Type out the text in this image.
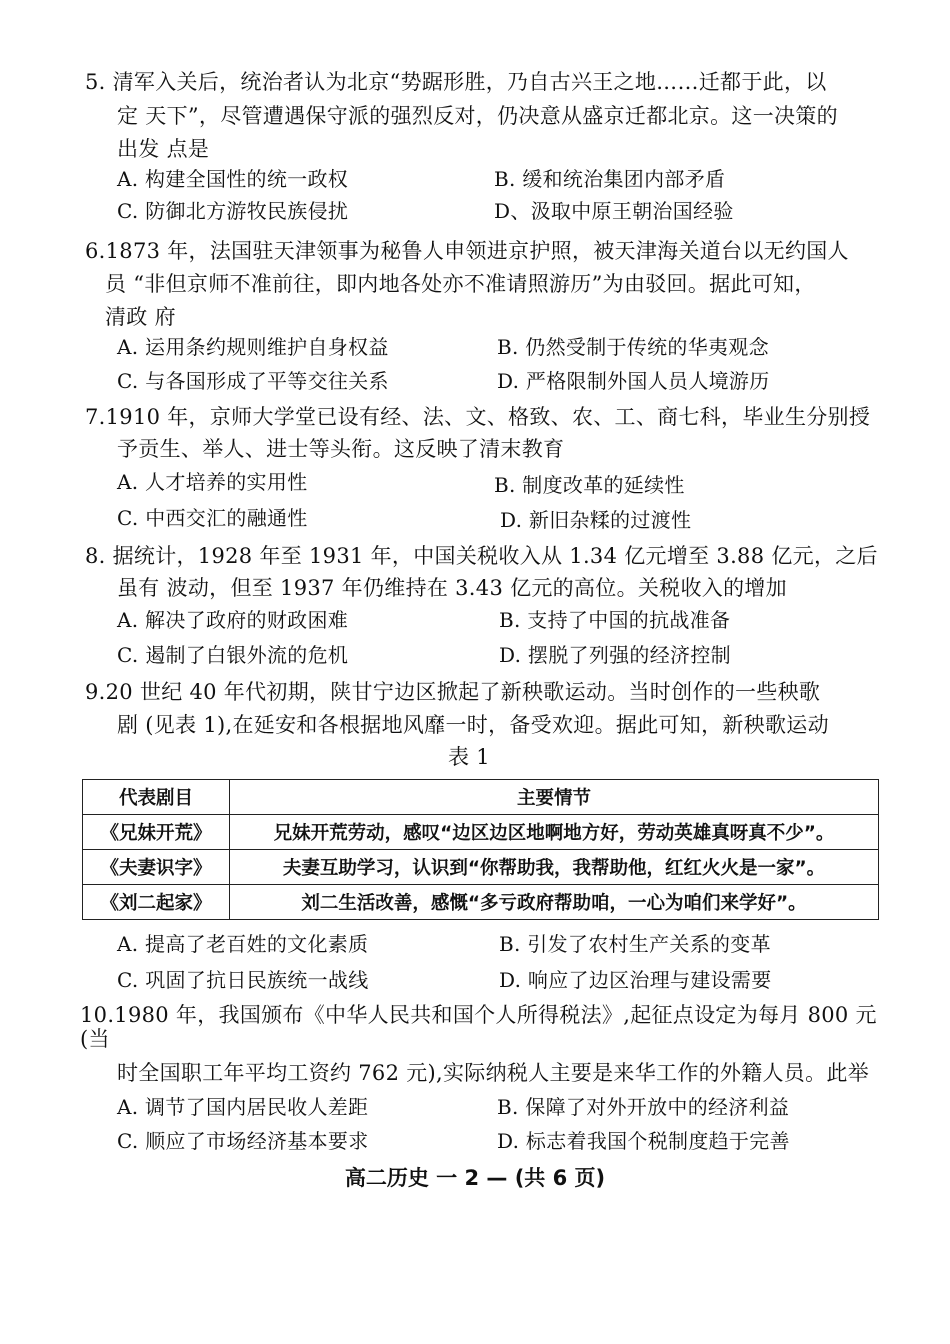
5. 清军入关后，统治者认为北京“势踞形胜，乃自古兴王之地……迁都于此，以
定 天下”，尽管遭遇保守派的强烈反对，仍决意从盛京迁都北京。这一决策的
出发 点是
A. 构建全国性的统一政权	B. 缓和统治集团内部矛盾
C. 防御北方游牧民族侵扰	D、汲取中原王朝治国经验
6.1873 年，法国驻天津领事为秘鲁人申领进京护照，被天津海关道台以无约国人
员 “非但京师不准前往，即内地各处亦不准请照游历”为由驳回。据此可知，
清政 府
A. 运用条约规则维护自身权益	B. 仍然受制于传统的华夷观念
C. 与各国形成了平等交往关系	D. 严格限制外国人员人境游历
7.1910 年，京师大学堂已设有经、法、文、格致、农、工、商七科，毕业生分别授
予贡生、举人、进士等头衔。这反映了清末教育
A. 人才培养的实用性	B. 制度改革的延续性
C. 中西交汇的融通性	D. 新旧杂糅的过渡性
8. 据统计，1928 年至 1931 年，中国关税收入从 1.34 亿元增至 3.88 亿元，之后
虽有 波动，但至 1937 年仍维持在 3.43 亿元的高位。关税收入的增加
A. 解决了政府的财政困难	B. 支持了中国的抗战准备
C. 遏制了白银外流的危机	D. 摆脱了列强的经济控制
9.20 世纪 40 年代初期，陕甘宁边区掀起了新秧歌运动。当时创作的一些秧歌
剧 (见表 1),在延安和各根据地风靡一时，备受欢迎。据此可知，新秧歌运动
表 1
代表剧目	主要情节
《兄妹开荒》	兄妹开荒劳动，感叹“边区边区地啊地方好，劳动英雄真呀真不少”。
《夫妻识字》	夫妻互助学习，认识到“你帮助我，我帮助他，红红火火是一家”。
《刘二起家》	刘二生活改善，感慨“多亏政府帮助咱，一心为咱们来学好”。
A. 提高了老百姓的文化素质	B. 引发了农村生产关系的变革
C. 巩固了抗日民族统一战线	D. 响应了边区治理与建设需要
10.1980 年，我国颁布《中华人民共和国个人所得税法》,起征点设定为每月 800 元
(当
时全国职工年平均工资约 762 元),实际纳税人主要是来华工作的外籍人员。此举
A. 调节了国内居民收人差距	B. 保障了对外开放中的经济利益
C. 顺应了市场经济基本要求	D. 标志着我国个税制度趋于完善
高二历史 一 2 — (共 6 页)
